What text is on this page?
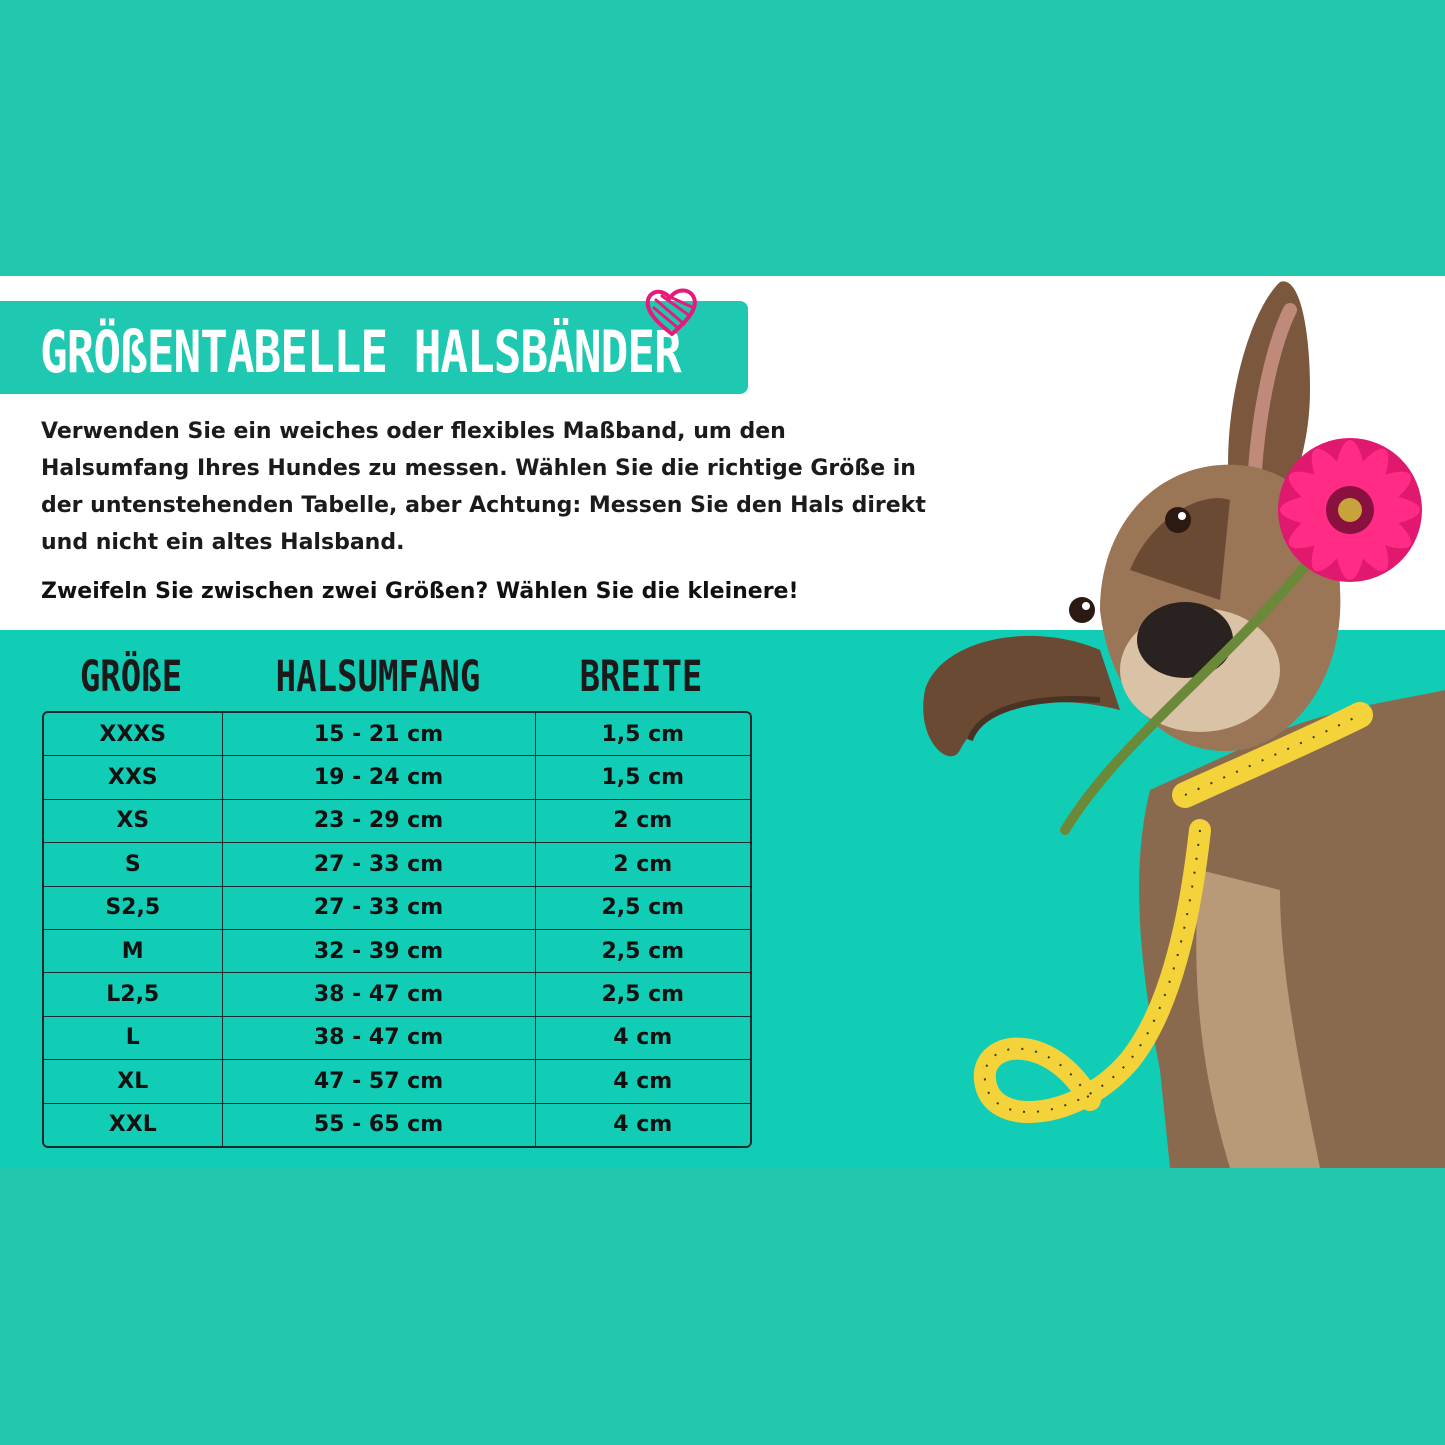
GRÖßENTABELLE HALSBÄNDER
Verwenden Sie ein weiches oder flexibles Maßband, um den Halsumfang Ihres Hundes zu messen. Wählen Sie die richtige Größe in der untenstehenden Tabelle, aber Achtung: Messen Sie den Hals direkt und nicht ein altes Halsband.
Zweifeln Sie zwischen zwei Größen? Wählen Sie die kleinere!
GRÖßE	HALSUMFANG	BREITE
XXXS	15 - 21 cm	1,5 cm
XXS	19 - 24 cm	1,5 cm
XS	23 - 29 cm	2 cm
S	27 - 33 cm	2 cm
S2,5	27 - 33 cm	2,5 cm
M	32 - 39 cm	2,5 cm
L2,5	38 - 47 cm	2,5 cm
L	38 - 47 cm	4 cm
XL	47 - 57 cm	4 cm
XXL	55 - 65 cm	4 cm
